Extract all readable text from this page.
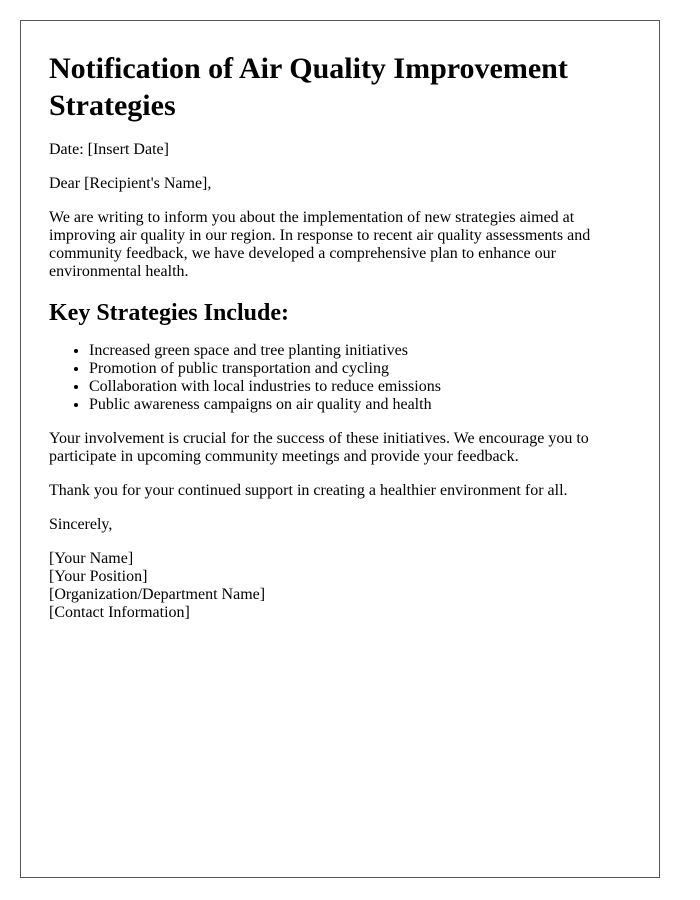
Notification of Air Quality Improvement Strategies

Date: [Insert Date]

Dear [Recipient's Name],

We are writing to inform you about the implementation of new strategies aimed at improving air quality in our region. In response to recent air quality assessments and community feedback, we have developed a comprehensive plan to enhance our environmental health.

Key Strategies Include:
• Increased green space and tree planting initiatives
• Promotion of public transportation and cycling
• Collaboration with local industries to reduce emissions
• Public awareness campaigns on air quality and health

Your involvement is crucial for the success of these initiatives. We encourage you to participate in upcoming community meetings and provide your feedback.

Thank you for your continued support in creating a healthier environment for all.

Sincerely,

[Your Name]
[Your Position]
[Organization/Department Name]
[Contact Information]
